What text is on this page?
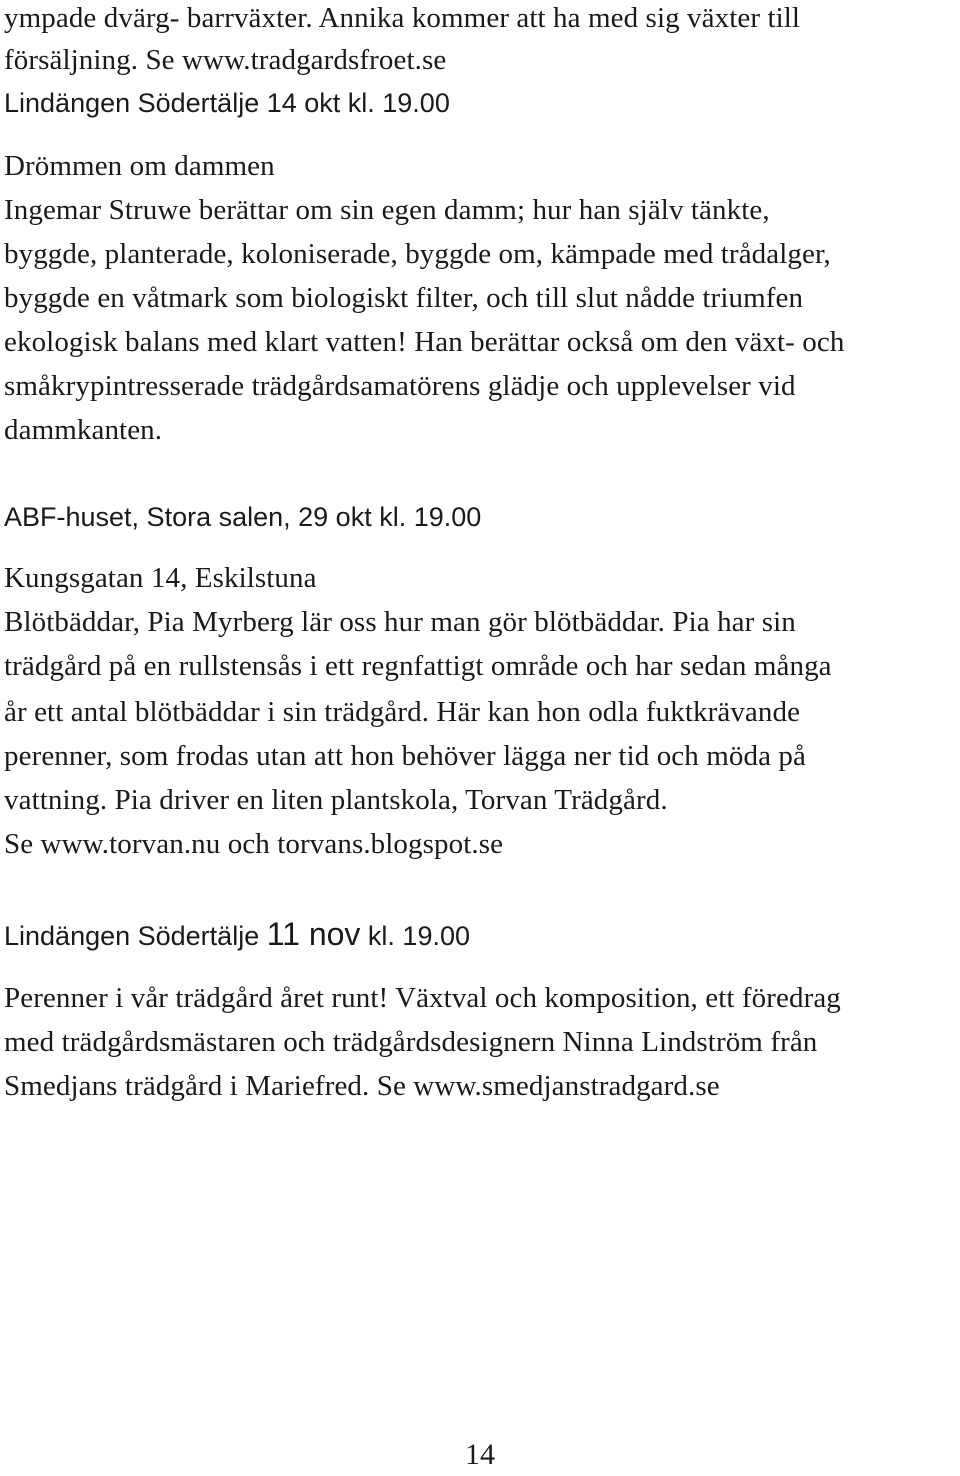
ympade dvärg- barrväxter. Annika kommer att ha med sig växter till
försäljning. Se www.tradgardsfroet.se
Lindängen Södertälje 14 okt kl. 19.00
Drömmen om dammen
Ingemar Struwe berättar om sin egen damm; hur han själv tänkte,
byggde, planterade, koloniserade, byggde om, kämpade med trådalger,
byggde en våtmark som biologiskt filter, och till slut nådde triumfen
ekologisk balans med klart vatten! Han berättar också om den växt- och
småkrypintresserade trädgårdsamatörens glädje och upplevelser vid
dammkanten.
ABF-huset, Stora salen, 29 okt kl. 19.00
Kungsgatan 14, Eskilstuna
Blötbäddar, Pia Myrberg lär oss hur man gör blötbäddar. Pia har sin
trädgård på en rullstensås i ett regnfattigt område och har sedan många
år ett antal blötbäddar i sin trädgård. Här kan hon odla fuktkrävande
perenner, som frodas utan att hon behöver lägga ner tid och möda på
vattning. Pia driver en liten plantskola, Torvan Trädgård.
Se www.torvan.nu och torvans.blogspot.se
Lindängen Södertälje 11 nov kl. 19.00
Perenner i vår trädgård året runt! Växtval och komposition, ett föredrag
med trädgårdsmästaren och trädgårdsdesignern Ninna Lindström från
Smedjans trädgård i Mariefred. Se www.smedjanstradgard.se
14
